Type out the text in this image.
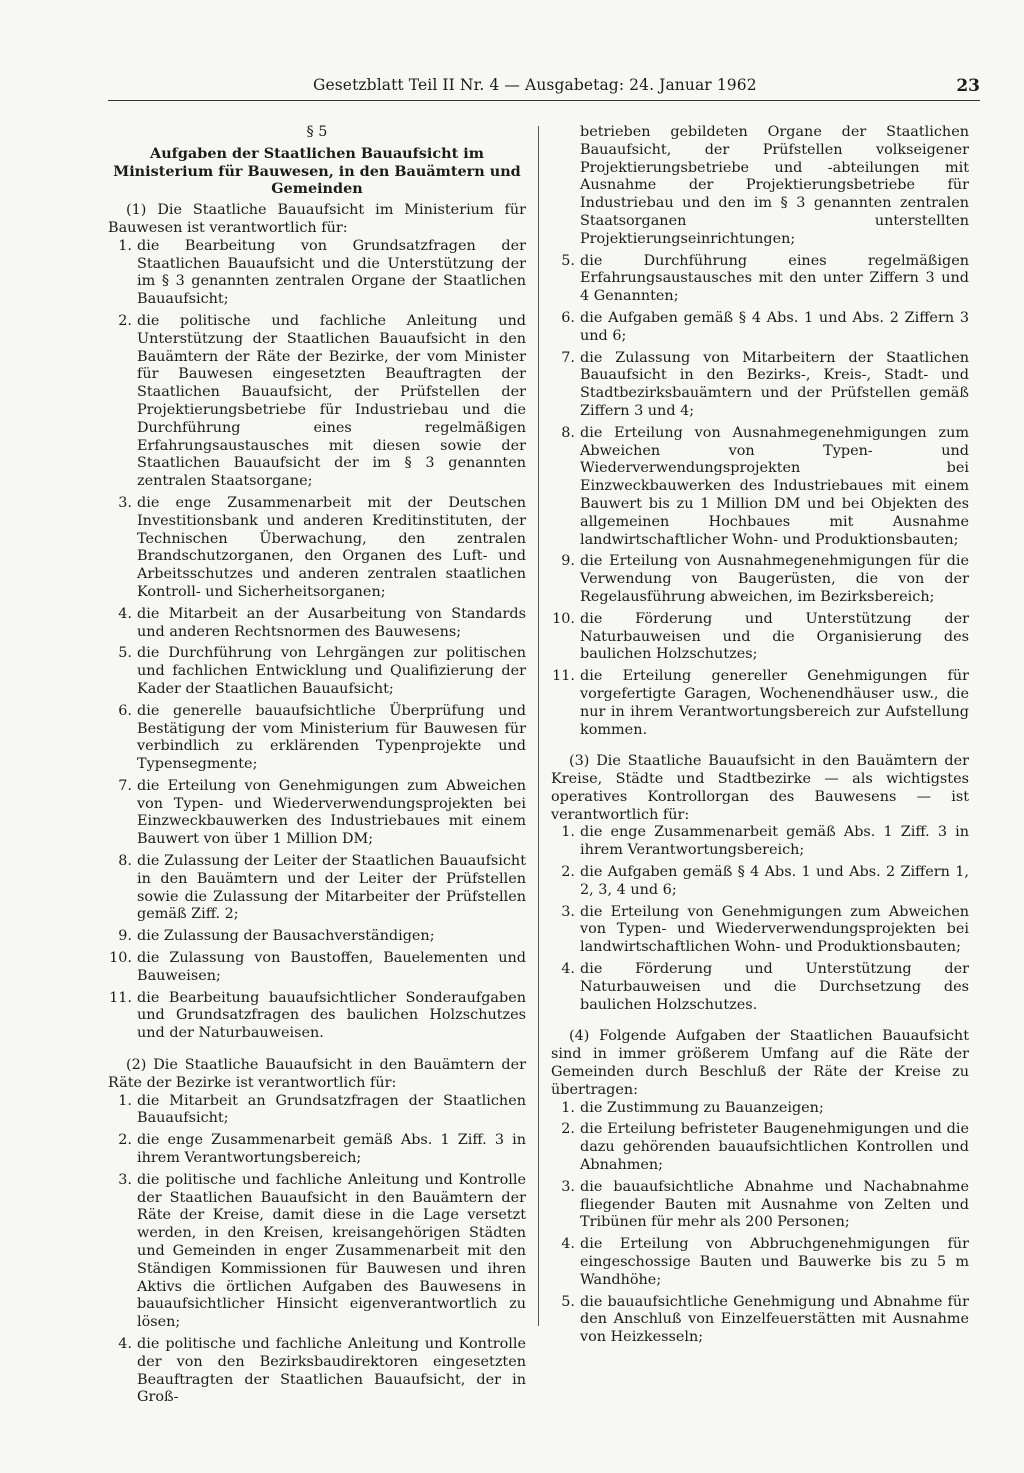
Gesetzblatt Teil II Nr. 4 — Ausgabetag: 24. Januar 1962	23
§ 5
Aufgaben der Staatlichen Bauaufsicht im Ministerium für Bauwesen, in den Bauämtern und Gemeinden

(1) Die Staatliche Bauaufsicht im Ministerium für Bauwesen ist verantwortlich für:

1. die Bearbeitung von Grundsatzfragen der Staatlichen Bauaufsicht und die Unterstützung der im § 3 genannten zentralen Organe der Staatlichen Bauaufsicht;
2. die politische und fachliche Anleitung und Unterstützung der Staatlichen Bauaufsicht in den Bauämtern der Räte der Bezirke, der vom Minister für Bauwesen eingesetzten Beauftragten der Staatlichen Bauaufsicht, der Prüfstellen der Projektierungsbetriebe für Industriebau und die Durchführung eines regelmäßigen Erfahrungsaustausches mit diesen sowie der Staatlichen Bauaufsicht der im § 3 genannten zentralen Staatsorgane;
3. die enge Zusammenarbeit mit der Deutschen Investitionsbank und anderen Kreditinstituten, der Technischen Überwachung, den zentralen Brandschutzorganen, den Organen des Luft- und Arbeitsschutzes und anderen zentralen staatlichen Kontroll- und Sicherheitsorganen;
4. die Mitarbeit an der Ausarbeitung von Standards und anderen Rechtsnormen des Bauwesens;
5. die Durchführung von Lehrgängen zur politischen und fachlichen Entwicklung und Qualifizierung der Kader der Staatlichen Bauaufsicht;
6. die generelle bauaufsichtliche Überprüfung und Bestätigung der vom Ministerium für Bauwesen für verbindlich zu erklärenden Typenprojekte und Typensegmente;
7. die Erteilung von Genehmigungen zum Abweichen von Typen- und Wiederverwendungsprojekten bei Einzweckbauwerken des Industriebaues mit einem Bauwert von über 1 Million DM;
8. die Zulassung der Leiter der Staatlichen Bauaufsicht in den Bauämtern und der Leiter der Prüfstellen sowie die Zulassung der Mitarbeiter der Prüfstellen gemäß Ziff. 2;
9. die Zulassung der Bausachverständigen;
10. die Zulassung von Baustoffen, Bauelementen und Bauweisen;
11. die Bearbeitung bauaufsichtlicher Sonderaufgaben und Grundsatzfragen des baulichen Holzschutzes und der Naturbauweisen.

(2) Die Staatliche Bauaufsicht in den Bauämtern der Räte der Bezirke ist verantwortlich für:

1. die Mitarbeit an Grundsatzfragen der Staatlichen Bauaufsicht;
2. die enge Zusammenarbeit gemäß Abs. 1 Ziff. 3 in ihrem Verantwortungsbereich;
3. die politische und fachliche Anleitung und Kontrolle der Staatlichen Bauaufsicht in den Bauämtern der Räte der Kreise, damit diese in die Lage versetzt werden, in den Kreisen, kreisangehörigen Städten und Gemeinden in enger Zusammenarbeit mit den Ständigen Kommissionen für Bauwesen und ihren Aktivs die örtlichen Aufgaben des Bauwesens in bauaufsichtlicher Hinsicht eigenverantwortlich zu lösen;
4. die politische und fachliche Anleitung und Kontrolle der von den Bezirksbaudirektoren eingesetzten Beauftragten der Staatlichen Bauaufsicht, der in Groß-
betrieben gebildeten Organe der Staatlichen Bauaufsicht, der Prüfstellen volkseigener Projektierungsbetriebe und -abteilungen mit Ausnahme der Projektierungsbetriebe für Industriebau und den im § 3 genannten zentralen Staatsorganen unterstellten Projektierungseinrichtungen;
5. die Durchführung eines regelmäßigen Erfahrungsaustausches mit den unter Ziffern 3 und 4 Genannten;
6. die Aufgaben gemäß § 4 Abs. 1 und Abs. 2 Ziffern 3 und 6;
7. die Zulassung von Mitarbeitern der Staatlichen Bauaufsicht in den Bezirks-, Kreis-, Stadt- und Stadtbezirksbauämtern und der Prüfstellen gemäß Ziffern 3 und 4;
8. die Erteilung von Ausnahmegenehmigungen zum Abweichen von Typen- und Wiederverwendungsprojekten bei Einzweckbauwerken des Industriebaues mit einem Bauwert bis zu 1 Million DM und bei Objekten des allgemeinen Hochbaues mit Ausnahme landwirtschaftlicher Wohn- und Produktionsbauten;
9. die Erteilung von Ausnahmegenehmigungen für die Verwendung von Baugerüsten, die von der Regelausführung abweichen, im Bezirksbereich;
10. die Förderung und Unterstützung der Naturbauweisen und die Organisierung des baulichen Holzschutzes;
11. die Erteilung genereller Genehmigungen für vorgefertigte Garagen, Wochenendhäuser usw., die nur in ihrem Verantwortungsbereich zur Aufstellung kommen.

(3) Die Staatliche Bauaufsicht in den Bauämtern der Kreise, Städte und Stadtbezirke — als wichtigstes operatives Kontrollorgan des Bauwesens — ist verantwortlich für:

1. die enge Zusammenarbeit gemäß Abs. 1 Ziff. 3 in ihrem Verantwortungsbereich;
2. die Aufgaben gemäß § 4 Abs. 1 und Abs. 2 Ziffern 1, 2, 3, 4 und 6;
3. die Erteilung von Genehmigungen zum Abweichen von Typen- und Wiederverwendungsprojekten bei landwirtschaftlichen Wohn- und Produktionsbauten;
4. die Förderung und Unterstützung der Naturbauweisen und die Durchsetzung des baulichen Holzschutzes.

(4) Folgende Aufgaben der Staatlichen Bauaufsicht sind in immer größerem Umfang auf die Räte der Gemeinden durch Beschluß der Räte der Kreise zu übertragen:

1. die Zustimmung zu Bauanzeigen;
2. die Erteilung befristeter Baugenehmigungen und die dazu gehörenden bauaufsichtlichen Kontrollen und Abnahmen;
3. die bauaufsichtliche Abnahme und Nachabnahme fliegender Bauten mit Ausnahme von Zelten und Tribünen für mehr als 200 Personen;
4. die Erteilung von Abbruchgenehmigungen für eingeschossige Bauten und Bauwerke bis zu 5 m Wandhöhe;
5. die bauaufsichtliche Genehmigung und Abnahme für den Anschluß von Einzelfeuerstätten mit Ausnahme von Heizkesseln;
